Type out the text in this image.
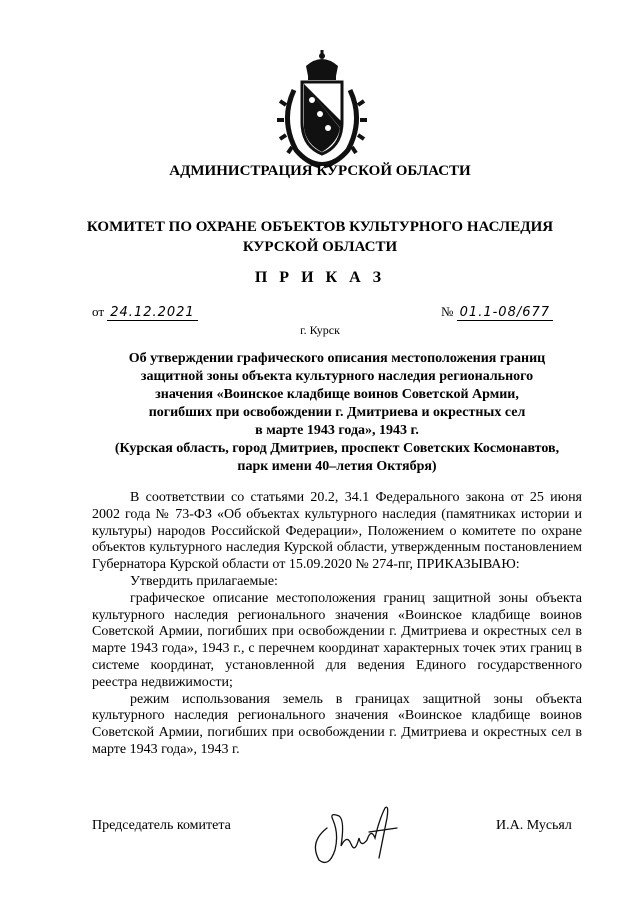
АДМИНИСТРАЦИЯ КУРСКОЙ ОБЛАСТИ
КОМИТЕТ ПО ОХРАНЕ ОБЪЕКТОВ КУЛЬТУРНОГО НАСЛЕДИЯ
КУРСКОЙ ОБЛАСТИ
П Р И К А З
от 24.12.2021	№ 01.1-08/677
г. Курск
Об утверждении графического описания местоположения границ
защитной зоны объекта культурного наследия регионального
значения «Воинское кладбище воинов Советской Армии,
погибших при освобождении г. Дмитриева и окрестных сел
в марте 1943 года», 1943 г.
(Курская область, город Дмитриев, проспект Советских Космонавтов,
парк имени 40–летия Октября)

В соответствии со статьями 20.2, 34.1 Федерального закона от 25 июня 2002 года № 73-ФЗ «Об объектах культурного наследия (памятниках истории и культуры) народов Российской Федерации», Положением о комитете по охране объектов культурного наследия Курской области, утвержденным постановлением Губернатора Курской области от 15.09.2020 № 274-пг, ПРИКАЗЫВАЮ:

Утвердить прилагаемые:

графическое описание местоположения границ защитной зоны объекта культурного наследия регионального значения «Воинское кладбище воинов Советской Армии, погибших при освобождении г. Дмитриева и окрестных сел в марте 1943 года», 1943 г., с перечнем координат характерных точек этих границ в системе координат, установленной для ведения Единого государственного реестра недвижимости;

режим использования земель в границах защитной зоны объекта культурного наследия регионального значения «Воинское кладбище воинов Советской Армии, погибших при освобождении г. Дмитриева и окрестных сел в марте 1943 года», 1943 г.

Председатель комитета	И.А. Мусьял
